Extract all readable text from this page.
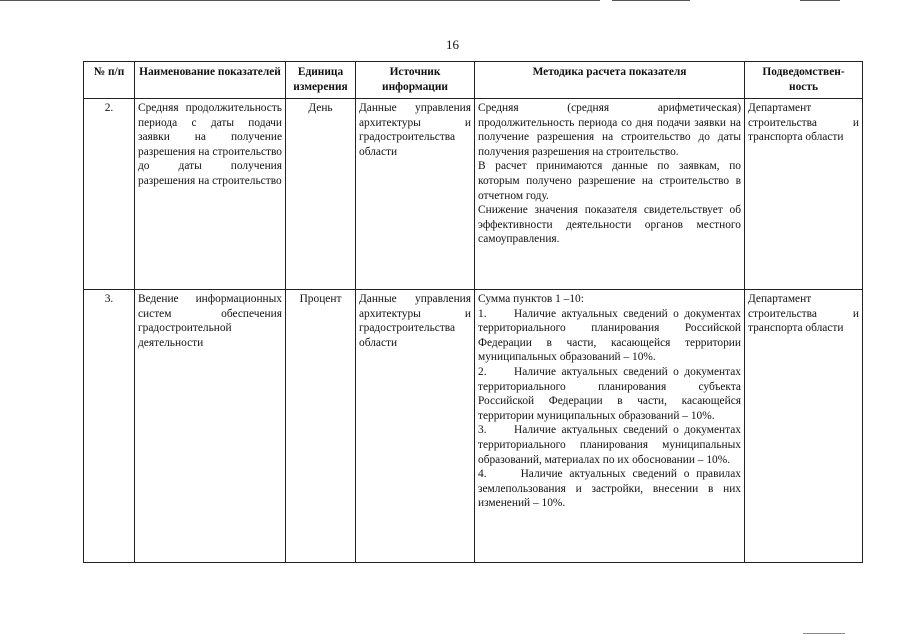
16
№ п/п	Наименование показателей	Единица измерения	Источник информации	Методика расчета показателя	Подведомствен-ность
2.	Средняя продолжительность периода с даты подачи заявки на получение разрешения на строительство до даты получения разрешения на строительство	День	Данные управления архитектуры и градостроительства области	Средняя (средняя арифметическая) продолжительность периода со дня подачи заявки на получение разрешения на строительство до даты получения разрешения на строительство.
В расчет принимаются данные по заявкам, по которым получено разрешение на строительство в отчетном году.
Снижение значения показателя свидетельствует об эффективности деятельности органов местного самоуправления.	Департамент строительства и транспорта области
3.	Ведение информационных систем обеспечения градостроительной деятельности	Процент	Данные управления архитектуры и градостроительства области	Сумма пунктов 1 –10:
1.     Наличие актуальных сведений о документах территориального планирования Российской Федерации в части, касающейся территории муниципальных образований – 10%.
2.     Наличие актуальных сведений о документах территориального планирования субъекта Российской Федерации в части, касающейся территории муниципальных образований – 10%.
3.     Наличие актуальных сведений о документах территориального планирования муниципальных образований, материалах по их обосновании – 10%.
4.     Наличие актуальных сведений о правилах землепользования и застройки, внесении в них изменений – 10%.	Департамент строительства и транспорта области
